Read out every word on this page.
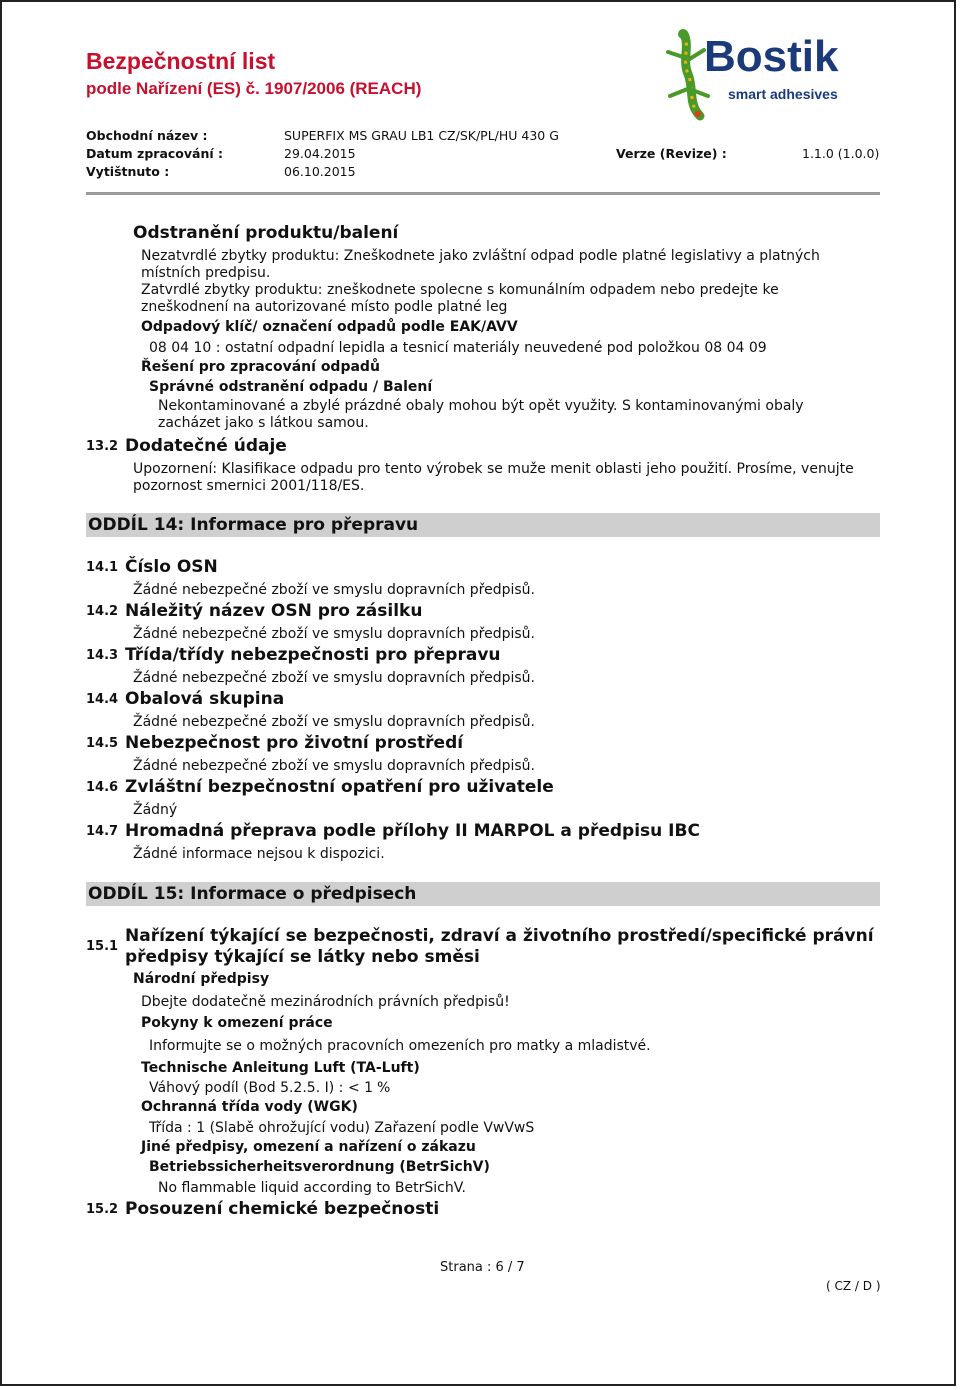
Bezpečnostní list
podle Nařízení (ES) č. 1907/2006 (REACH)
Bostik
smart adhesives
Obchodní název :	SUPERFIX MS GRAU LB1 CZ/SK/PL/HU 430 G
Datum zpracování :	29.04.2015	Verze (Revize) :	1.1.0 (1.0.0)
Vytištnuto :	06.10.2015
Odstranění produktu/balení
Nezatvrdlé zbytky produktu: Zneškodnete jako zvláštní odpad podle platné legislativy a platných
místních predpisu.
Zatvrdlé zbytky produktu: zneškodnete spolecne s komunálním odpadem nebo predejte ke
zneškodnení na autorizované místo podle platné leg
Odpadový klíč/ označení odpadů podle EAK/AVV
08 04 10 : ostatní odpadní lepidla a tesnicí materiály neuvedené pod položkou 08 04 09
Řešení pro zpracování odpadů
Správné odstranění odpadu / Balení
Nekontaminované a zbylé prázdné obaly mohou být opět využity. S kontaminovanými obaly
zacházet jako s látkou samou.
13.2 Dodatečné údaje
Upozornení: Klasifikace odpadu pro tento výrobek se muže menit oblasti jeho použití. Prosíme, venujte
pozornost smernici 2001/118/ES.
ODDÍL 14: Informace pro přepravu
14.1 Číslo OSN
Žádné nebezpečné zboží ve smyslu dopravních předpisů.
14.2 Náležitý název OSN pro zásilku
Žádné nebezpečné zboží ve smyslu dopravních předpisů.
14.3 Třída/třídy nebezpečnosti pro přepravu
Žádné nebezpečné zboží ve smyslu dopravních předpisů.
14.4 Obalová skupina
Žádné nebezpečné zboží ve smyslu dopravních předpisů.
14.5 Nebezpečnost pro životní prostředí
Žádné nebezpečné zboží ve smyslu dopravních předpisů.
14.6 Zvláštní bezpečnostní opatření pro uživatele
Žádný
14.7 Hromadná přeprava podle přílohy II MARPOL a předpisu IBC
Žádné informace nejsou k dispozici.
ODDÍL 15: Informace o předpisech
15.1
Nařízení týkající se bezpečnosti, zdraví a životního prostředí/specifické právní
předpisy týkající se látky nebo směsi
Národní předpisy
Dbejte dodatečně mezinárodních právních předpisů!
Pokyny k omezení práce
Informujte se o možných pracovních omezeních pro matky a mladistvé.
Technische Anleitung Luft (TA-Luft)
Váhový podíl (Bod 5.2.5. I) : < 1 %
Ochranná třída vody (WGK)
Třída : 1 (Slabě ohrožující vodu) Zařazení podle VwVwS
Jiné předpisy, omezení a nařízení o zákazu
Betriebssicherheitsverordnung (BetrSichV)
No flammable liquid according to BetrSichV.
15.2 Posouzení chemické bezpečnosti
Strana : 6 / 7
( CZ / D )
